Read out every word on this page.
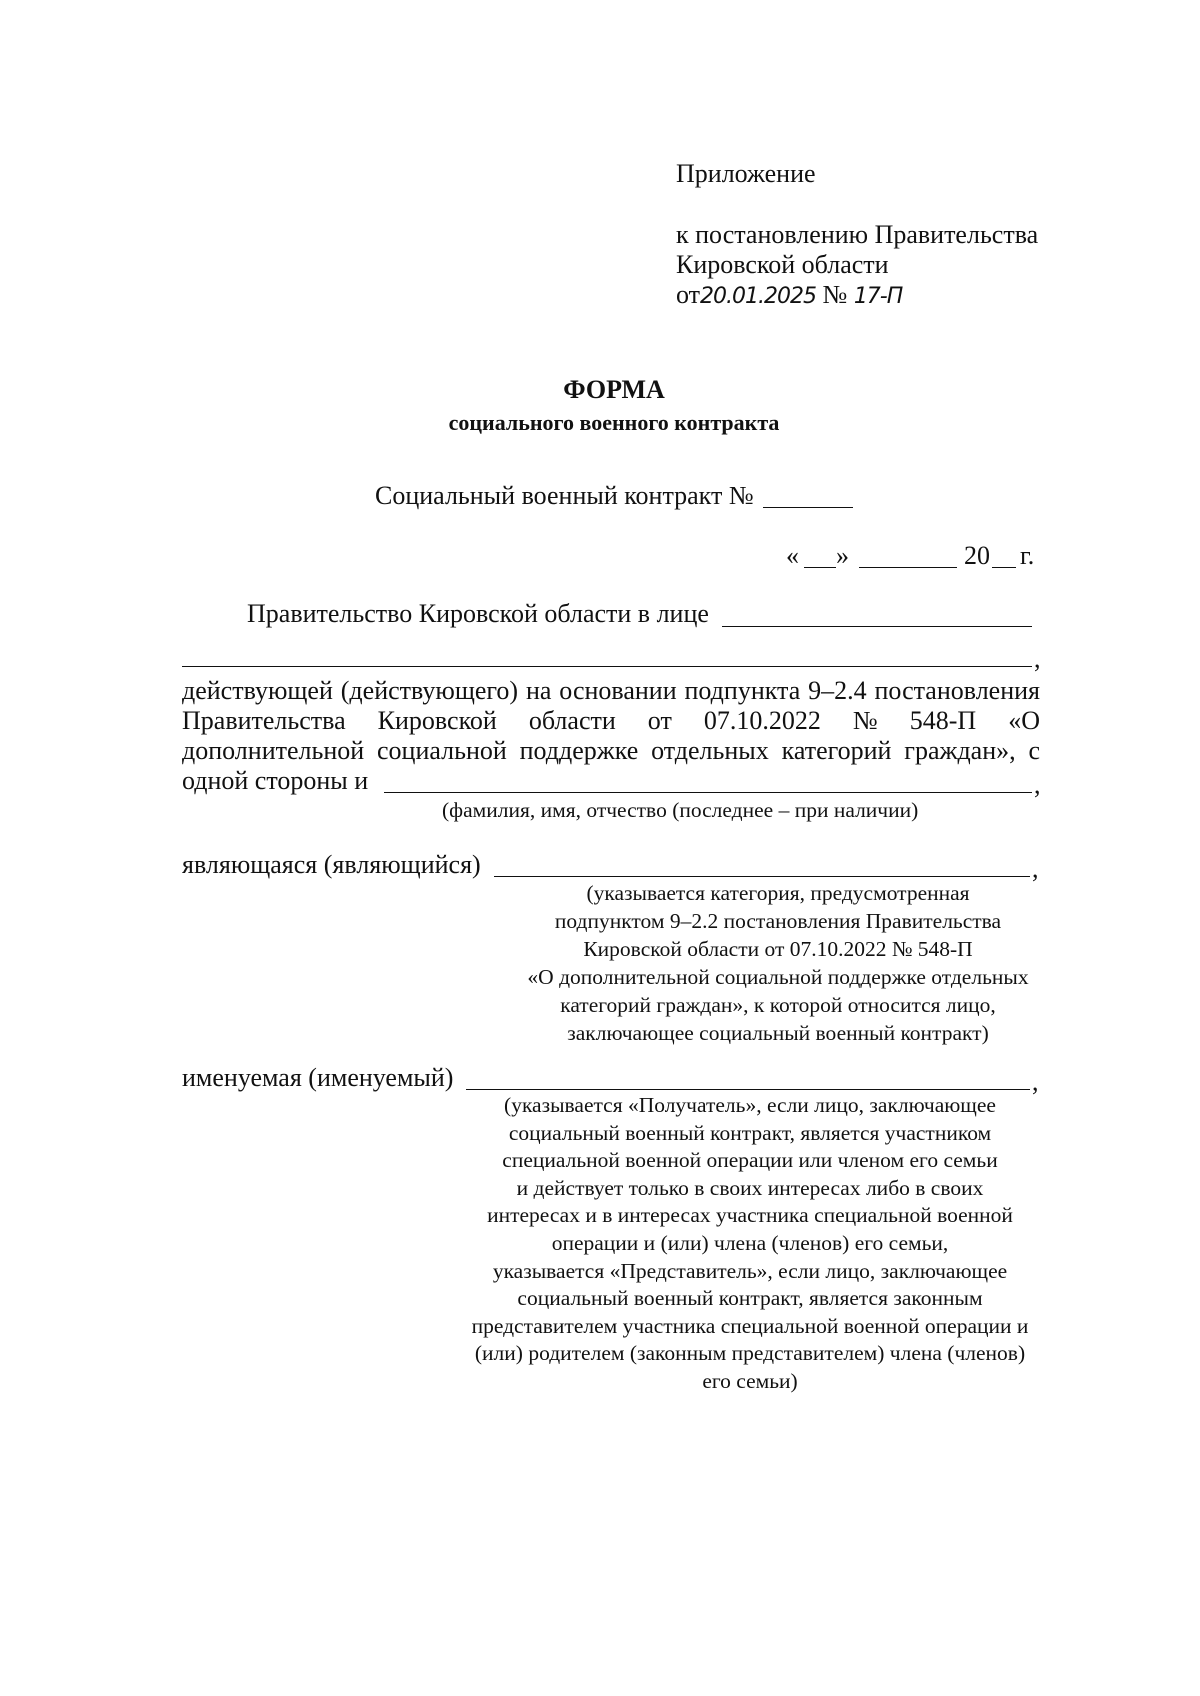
Приложение
к постановлению Правительства
Кировской области
от20.01.2025 № 17-П
ФОРМА
социального военного контракта
Социальный военный контракт №
« »	20 г.
Правительство Кировской области в лице
,
действующей (действующего) на основании подпункта 9–2.4 постановления
Правительства Кировской области от 07.10.2022 № 548-П «О
дополнительной социальной поддержке отдельных категорий граждан», с
одной стороны и	,
(фамилия, имя, отчество (последнее – при наличии)
являющаяся (являющийся)	,
(указывается категория, предусмотренная
подпунктом 9–2.2 постановления Правительства
Кировской области от 07.10.2022 № 548-П
«О дополнительной социальной поддержке отдельных
категорий граждан», к которой относится лицо,
заключающее социальный военный контракт)
именуемая (именуемый)	,
(указывается «Получатель», если лицо, заключающее
социальный военный контракт, является участником
специальной военной операции или членом его семьи
и действует только в своих интересах либо в своих
интересах и в интересах участника специальной военной
операции и (или) члена (членов) его семьи,
указывается «Представитель», если лицо, заключающее
социальный военный контракт, является законным
представителем участника специальной военной операции и
(или) родителем (законным представителем) члена (членов)
его семьи)
